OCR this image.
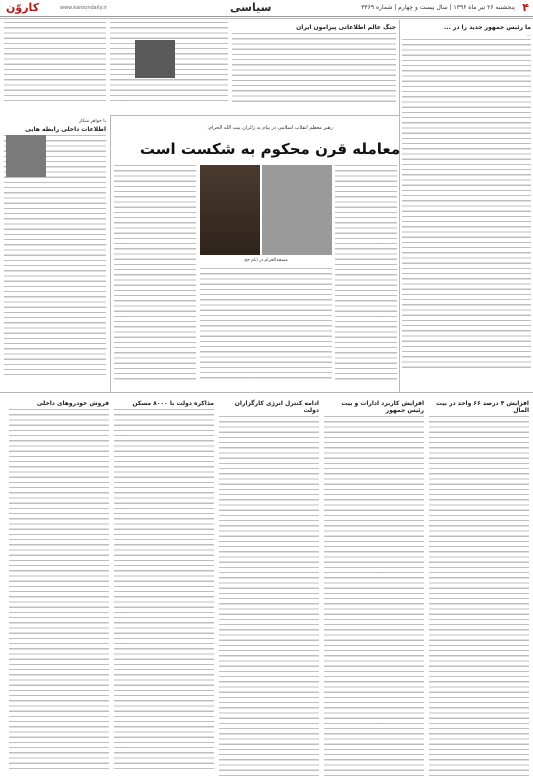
۴
پنجشنبه ۲۶ تیر ماه ۱۳۹۶ | سال بیست و چهارم | شماره ۳۳۶۹
سیاسی
www.karoondaily.ir
کاروّن
ما رئیس جمهور جدید را در ...
...
جنگ عالم اطلاعاتی پیرامون ایران
با خواهر شکار
اطلاعات داخلی رابطه هایی	رهبر معظم انقلاب اسلامی در پیام به زائران بیت الله الحرام:
معامله قرن محکوم به شکست است
مسجدالحرام در ایام حج
افزایش ۴ درصد ۶۶ واحد در بیت المال
افزایش کاربرد ادارات و بیت رئیس جمهور
ادامه کنترل انرژی کارگزاران دولت
مذاکره دولت با ۸۰۰۰ مسکن
فروش خودروهای داخلی
